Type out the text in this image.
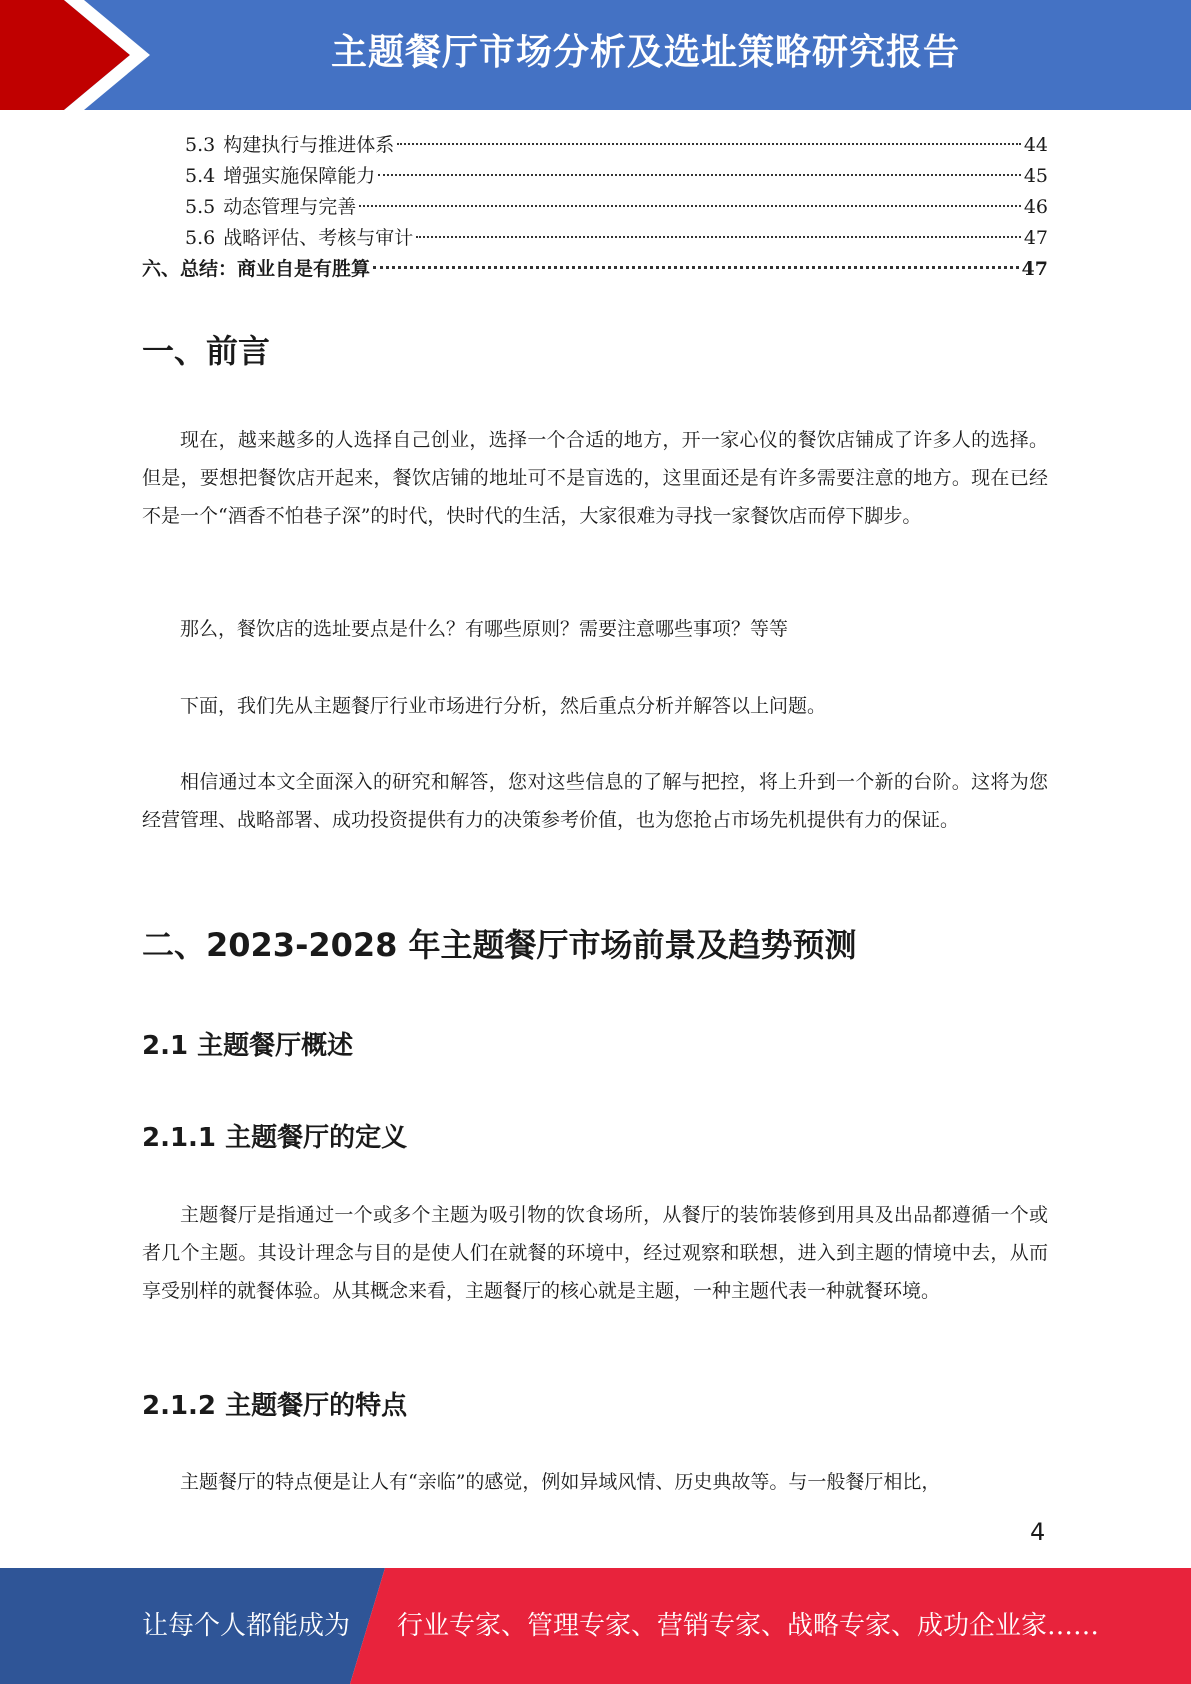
主题餐厅市场分析及选址策略研究报告
5.3 构建执行与推进体系	44
5.4 增强实施保障能力	45
5.5 动态管理与完善	46
5.6 战略评估、考核与审计	47
六、总结：商业自是有胜算	47
一、前言
现在，越来越多的人选择自己创业，选择一个合适的地方，开一家心仪的餐饮店铺成了许多人的选择。但是，要想把餐饮店开起来，餐饮店铺的地址可不是盲选的，这里面还是有许多需要注意的地方。现在已经不是一个“酒香不怕巷子深”的时代，快时代的生活，大家很难为寻找一家餐饮店而停下脚步。
那么，餐饮店的选址要点是什么？有哪些原则？需要注意哪些事项？等等
下面，我们先从主题餐厅行业市场进行分析，然后重点分析并解答以上问题。
相信通过本文全面深入的研究和解答，您对这些信息的了解与把控，将上升到一个新的台阶。这将为您经营管理、战略部署、成功投资提供有力的决策参考价值，也为您抢占市场先机提供有力的保证。
二、2023-2028 年主题餐厅市场前景及趋势预测
2.1 主题餐厅概述
2.1.1 主题餐厅的定义
主题餐厅是指通过一个或多个主题为吸引物的饮食场所，从餐厅的装饰装修到用具及出品都遵循一个或者几个主题。其设计理念与目的是使人们在就餐的环境中，经过观察和联想，进入到主题的情境中去，从而享受别样的就餐体验。从其概念来看，主题餐厅的核心就是主题，一种主题代表一种就餐环境。
2.1.2 主题餐厅的特点
主题餐厅的特点便是让人有“亲临”的感觉，例如异域风情、历史典故等。与一般餐厅相比，
4
让每个人都能成为 行业专家、管理专家、营销专家、战略专家、成功企业家……
